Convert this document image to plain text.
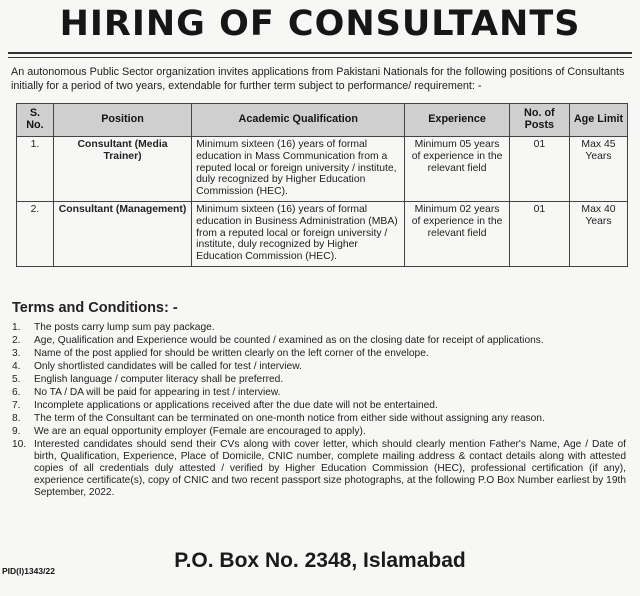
HIRING OF CONSULTANTS
An autonomous Public Sector organization invites applications from Pakistani Nationals for the following positions of Consultants initially for a period of two years, extendable for further term subject to performance/ requirement: -
S. No.	Position	Academic Qualification	Experience	No. of Posts	Age Limit
1.	Consultant (Media Trainer)	Minimum sixteen (16) years of formal education in Mass Communication from a reputed local or foreign university / institute, duly recognized by Higher Education Commission (HEC).	Minimum 05 years of experience in the relevant field	01	Max 45 Years
2.	Consultant (Management)	Minimum sixteen (16) years of formal education in Business Administration (MBA) from a reputed local or foreign university / institute, duly recognized by Higher Education Commission (HEC).	Minimum 02 years of experience in the relevant field	01	Max 40 Years
Terms and Conditions: -
1.	The posts carry lump sum pay package.
2.	Age, Qualification and Experience would be counted / examined as on the closing date for receipt of applications.
3.	Name of the post applied for should be written clearly on the left corner of the envelope.
4.	Only shortlisted candidates will be called for test / interview.
5.	English language / computer literacy shall be preferred.
6.	No TA / DA will be paid for appearing in test / interview.
7.	Incomplete applications or applications received after the due date will not be entertained.
8.	The term of the Consultant can be terminated on one-month notice from either side without assigning any reason.
9.	We are an equal opportunity employer (Female are encouraged to apply).
10. Interested candidates should send their CVs along with cover letter, which should clearly mention Father's Name, Age / Date of birth, Qualification, Experience, Place of Domicile, CNIC number, complete mailing address & contact details along with attested copies of all credentials duly attested / verified by Higher Education Commission (HEC), professional certification (if any), experience certificate(s), copy of CNIC and two recent passport size photographs, at the following P.O Box Number earliest by 19th September, 2022.
PID(I)1343/22	P.O. Box No. 2348, Islamabad
